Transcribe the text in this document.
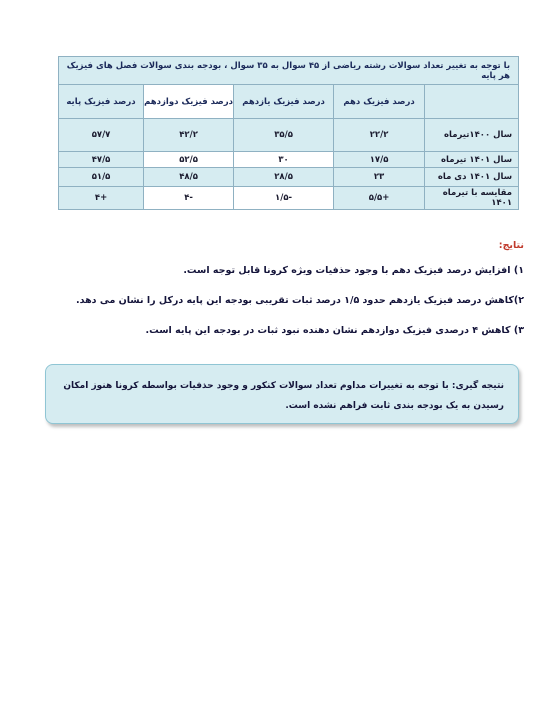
با توجه به تغییر تعداد سوالات رشته ریاضی از ۴۵ سوال به ۳۵ سوال ، بودجه بندی سوالات فصل های فیزیک هر پایه				
	درصد فیزیک دهم	درصد فیزیک یازدهم	درصد فیزیک دوازدهم	درصد فیزیک پایه
سال ۱۴۰۰تیرماه	۲۲/۲	۳۵/۵	۴۲/۲	۵۷/۷
سال ۱۴۰۱ تیرماه	۱۷/۵	۳۰	۵۲/۵	۴۷/۵
سال ۱۴۰۱ دی ماه	۲۳	۲۸/۵	۴۸/۵	۵۱/۵
مقایسه با تیرماه ۱۴۰۱	+۵/۵	-۱/۵	-۴	+۴
نتایج:

۱) افزایش درصد فیزیک دهم با وجود حذفیات ویژه کرونا قابل توجه است.

۲)کاهش درصد فیزیک یازدهم حدود ۱/۵ درصد ثبات تقریبی بودجه این پایه درکل را نشان می دهد.

۳) کاهش ۴ درصدی فیزیک دوازدهم نشان دهنده نبود ثبات در بودجه این پایه است.

نتیجه گیری: با توجه به تغییرات مداوم تعداد سوالات کنکور و وجود حذفیات بواسطه کرونا هنوز امکان رسیدن به یک بودجه بندی ثابت فراهم نشده است.
